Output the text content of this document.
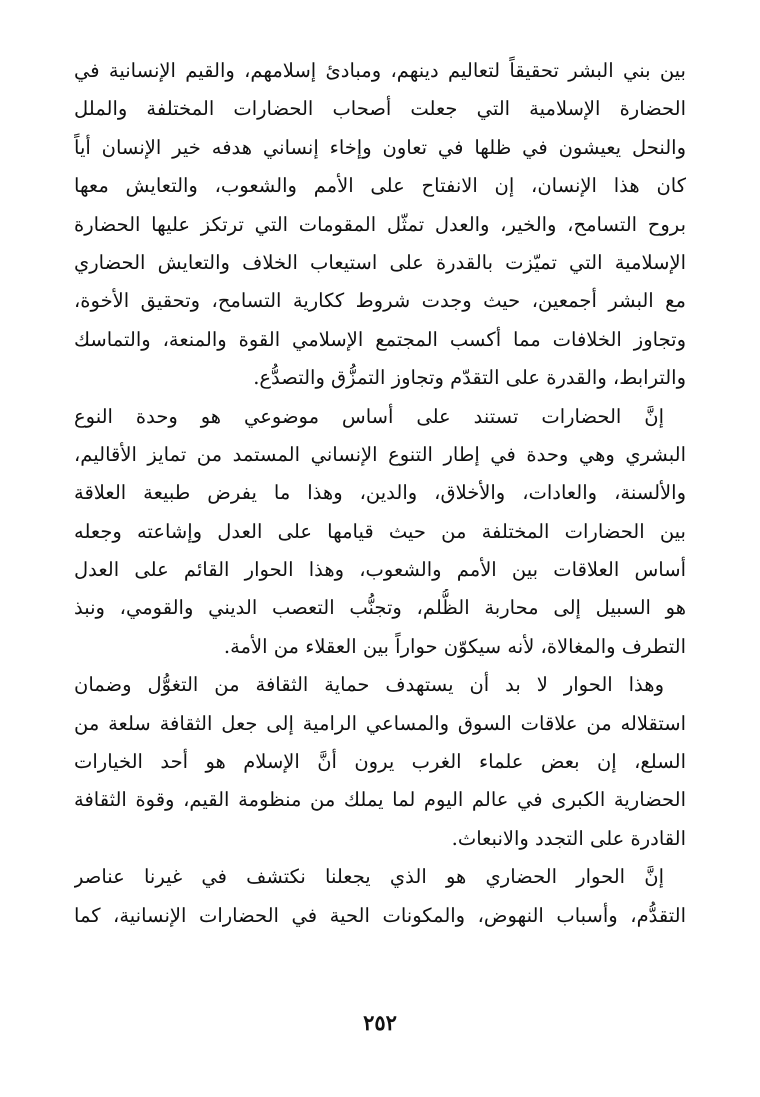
بين بني البشر تحقيقاً لتعاليم دينهم، ومبادئ إسلامهم، والقيم الإنسانية في
الحضارة الإسلامية التي جعلت أصحاب الحضارات المختلفة والملل
والنحل يعيشون في ظلها في تعاون وإخاء إنساني هدفه خير الإنسان أياً
كان هذا الإنسان، إن الانفتاح على الأمم والشعوب، والتعايش معها
بروح التسامح، والخير، والعدل تمثّل المقومات التي ترتكز عليها الحضارة
الإسلامية التي تميّزت بالقدرة على استيعاب الخلاف والتعايش الحضاري
مع البشر أجمعين، حيث وجدت شروط ككارية التسامح، وتحقيق الأخوة،
وتجاوز الخلافات مما أكسب المجتمع الإسلامي القوة والمنعة، والتماسك
والترابط، والقدرة على التقدّم وتجاوز التمزُّق والتصدُّع.
إنَّ الحضارات تستند على أساس موضوعي هو وحدة النوع
البشري وهي وحدة في إطار التنوع الإنساني المستمد من تمايز الأقاليم،
والألسنة، والعادات، والأخلاق، والدين، وهذا ما يفرض طبيعة العلاقة
بين الحضارات المختلفة من حيث قيامها على العدل وإشاعته وجعله
أساس العلاقات بين الأمم والشعوب، وهذا الحوار القائم على العدل
هو السبيل إلى محاربة الظُّلم، وتجنُّب التعصب الديني والقومي، ونبذ
التطرف والمغالاة، لأنه سيكوّن حواراً بين العقلاء من الأمة.
وهذا الحوار لا بد أن يستهدف حماية الثقافة من التغوُّل وضمان
استقلاله من علاقات السوق والمساعي الرامية إلى جعل الثقافة سلعة من
السلع، إن بعض علماء الغرب يرون أنَّ الإسلام هو أحد الخيارات
الحضارية الكبرى في عالم اليوم لما يملك من منظومة القيم، وقوة الثقافة
القادرة على التجدد والانبعاث.
إنَّ الحوار الحضاري هو الذي يجعلنا نكتشف في غيرنا عناصر
التقدُّم، وأسباب النهوض، والمكونات الحية في الحضارات الإنسانية، كما
٢٥٢
